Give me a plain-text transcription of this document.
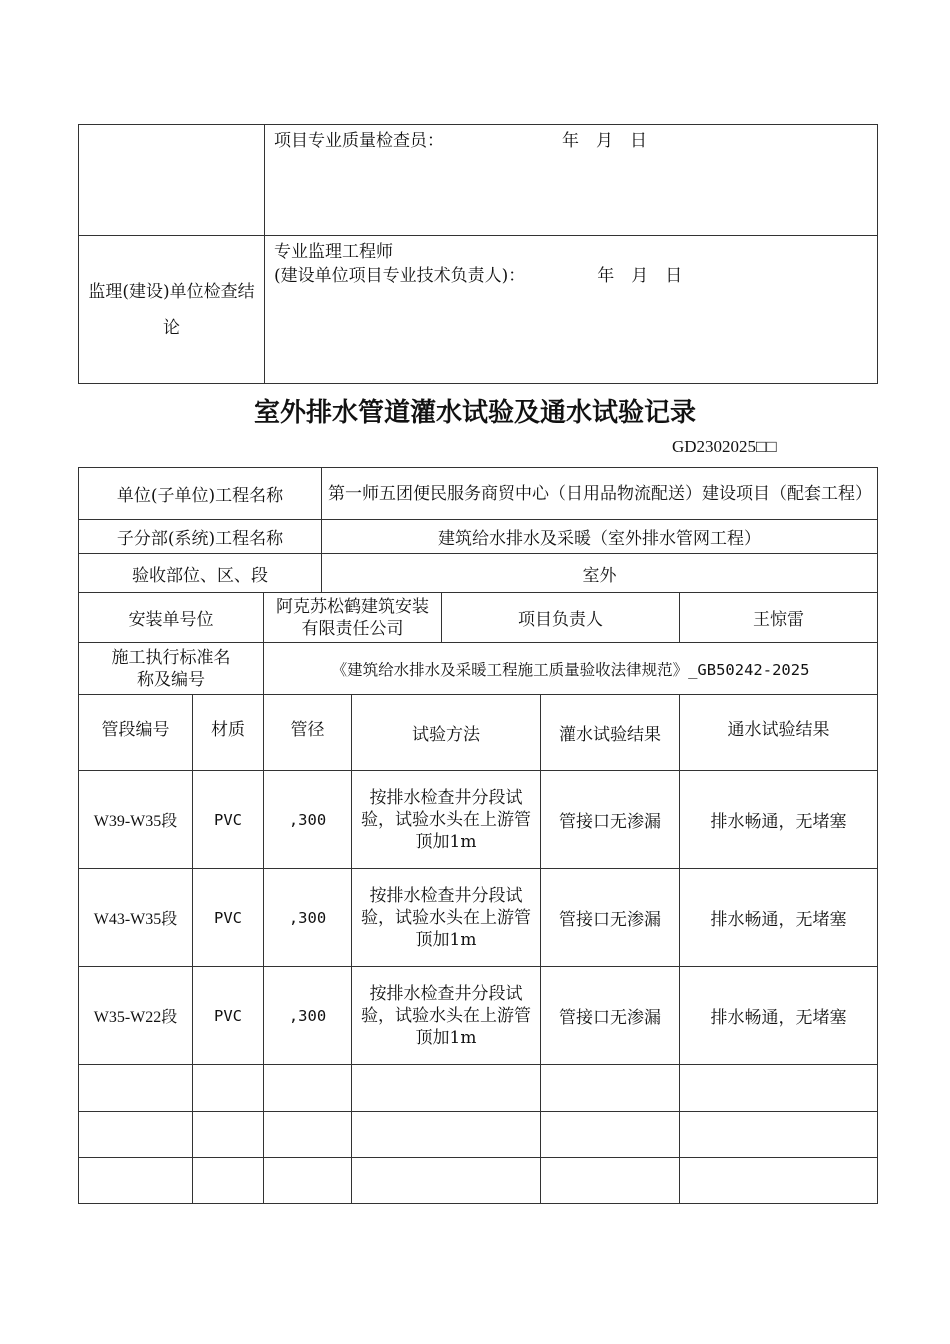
	项目专业质量检查员： 年　月　日
监理(建设)单位检查结论	专业监理工程师
(建设单位项目专业技术负责人)： 年　月　日
室外排水管道灌水试验及通水试验记录
GD2302025□□
单位(子单位)工程名称			第一师五团便民服务商贸中心（日用品物流配送）建设项目（配套工程）				
子分部(系统)工程名称			建筑给水排水及采暖（室外排水管网工程）				
验收部位、区、段			室外				
安装单号位		阿克苏松鹤建筑安装有限责任公司			项目负责人		王惊雷
施工执行标准名称及编号		《建筑给水排水及采暖工程施工质量验收法律规范》_GB50242-2025					
管段编号	材质	管径		试验方法		灌水试验结果	通水试验结果
W39-W35段	PVC	,300		按排水检查井分段试验，试验水头在上游管顶加1m		管接口无渗漏	排水畅通，无堵塞
W43-W35段	PVC	,300		按排水检查井分段试验，试验水头在上游管顶加1m		管接口无渗漏	排水畅通，无堵塞
W35-W22段	PVC	,300		按排水检查井分段试验，试验水头在上游管顶加1m		管接口无渗漏	排水畅通，无堵塞
